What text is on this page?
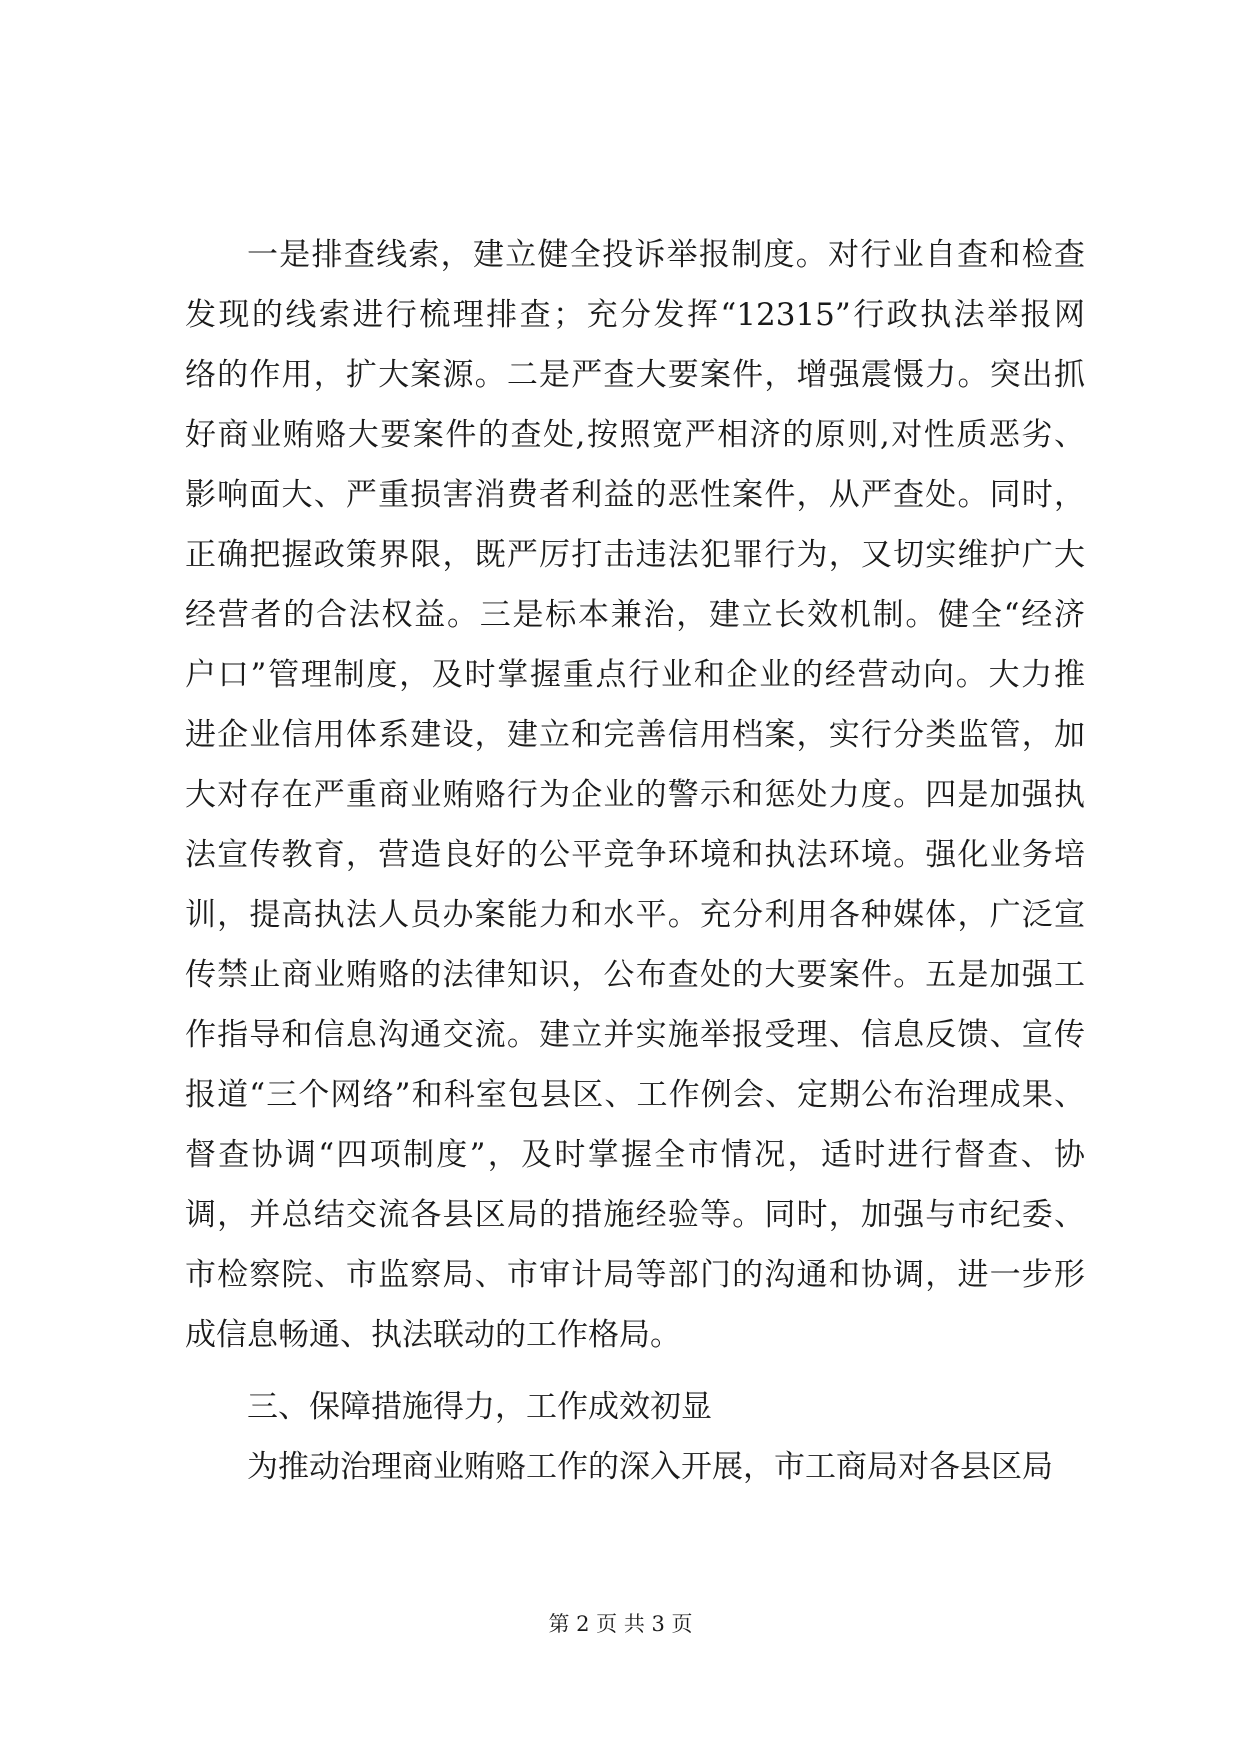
一是排查线索，建立健全投诉举报制度。对行业自查和检查
发现的线索进行梳理排查；充分发挥“12315”行政执法举报网
络的作用，扩大案源。二是严查大要案件，增强震慑力。突出抓
好商业贿赂大要案件的查处,按照宽严相济的原则,对性质恶劣、
影响面大、严重损害消费者利益的恶性案件，从严查处。同时，
正确把握政策界限，既严厉打击违法犯罪行为，又切实维护广大
经营者的合法权益。三是标本兼治，建立长效机制。健全“经济
户口”管理制度，及时掌握重点行业和企业的经营动向。大力推
进企业信用体系建设，建立和完善信用档案，实行分类监管，加
大对存在严重商业贿赂行为企业的警示和惩处力度。四是加强执
法宣传教育，营造良好的公平竞争环境和执法环境。强化业务培
训，提高执法人员办案能力和水平。充分利用各种媒体，广泛宣
传禁止商业贿赂的法律知识，公布查处的大要案件。五是加强工
作指导和信息沟通交流。建立并实施举报受理、信息反馈、宣传
报道“三个网络”和科室包县区、工作例会、定期公布治理成果、
督查协调“四项制度”，及时掌握全市情况，适时进行督查、协
调，并总结交流各县区局的措施经验等。同时，加强与市纪委、
市检察院、市监察局、市审计局等部门的沟通和协调，进一步形
成信息畅通、执法联动的工作格局。
三、保障措施得力，工作成效初显
为推动治理商业贿赂工作的深入开展，市工商局对各县区局
第 2 页 共 3 页
